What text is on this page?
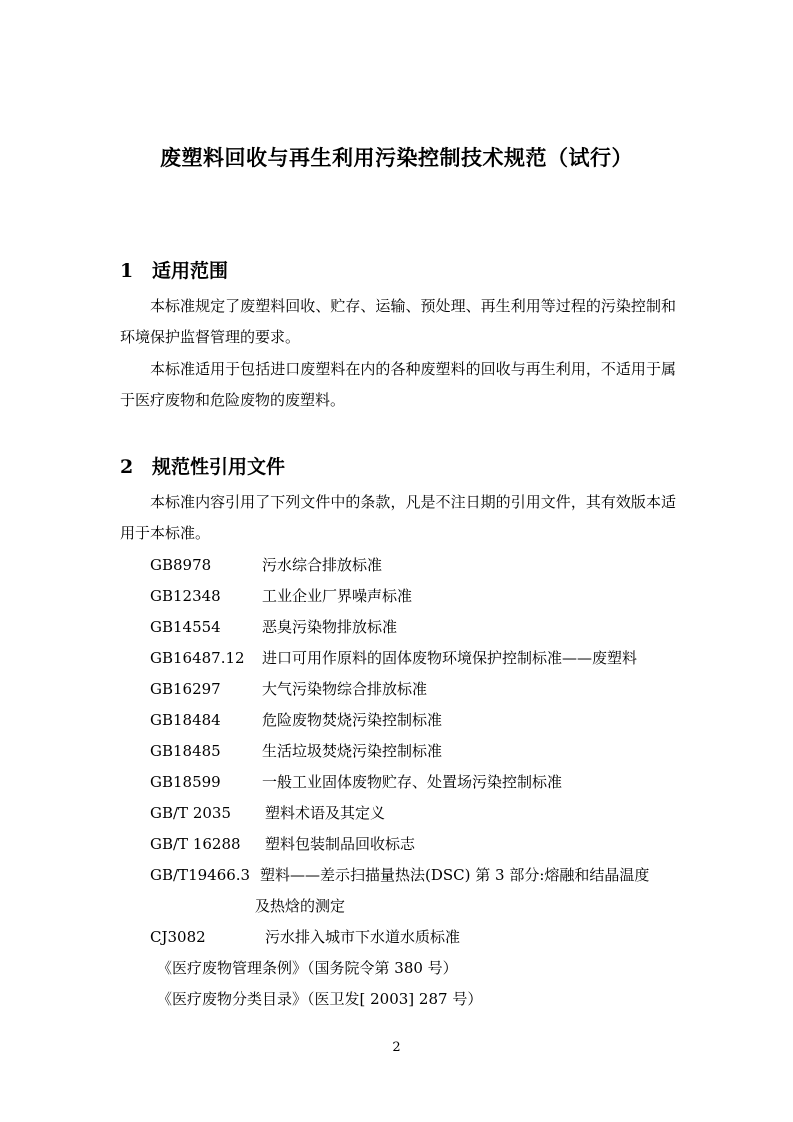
废塑料回收与再生利用污染控制技术规范（试行）
1 适用范围

本标准规定了废塑料回收、贮存、运输、预处理、再生利用等过程的污染控制和环境保护监督管理的要求。

本标准适用于包括进口废塑料在内的各种废塑料的回收与再生利用，不适用于属于医疗废物和危险废物的废塑料。

2 规范性引用文件

本标准内容引用了下列文件中的条款，凡是不注日期的引用文件，其有效版本适用于本标准。

GB8978	污水综合排放标准
GB12348	工业企业厂界噪声标准
GB14554	恶臭污染物排放标准
GB16487.12 进口可用作原料的固体废物环境保护控制标准——废塑料
GB16297	大气污染物综合排放标准
GB18484	危险废物焚烧污染控制标准
GB18485	生活垃圾焚烧污染控制标准
GB18599	一般工业固体废物贮存、处置场污染控制标准
GB/T 2035 塑料术语及其定义
GB/T 16288 塑料包装制品回收标志
GB/T19466.3 塑料——差示扫描量热法(DSC) 第 3 部分:熔融和结晶温度
及热焓的测定
CJ3082	污水排入城市下水道水质标准
《医疗废物管理条例》（国务院令第 380 号）
《医疗废物分类目录》（医卫发[ 2003] 287 号）
2
